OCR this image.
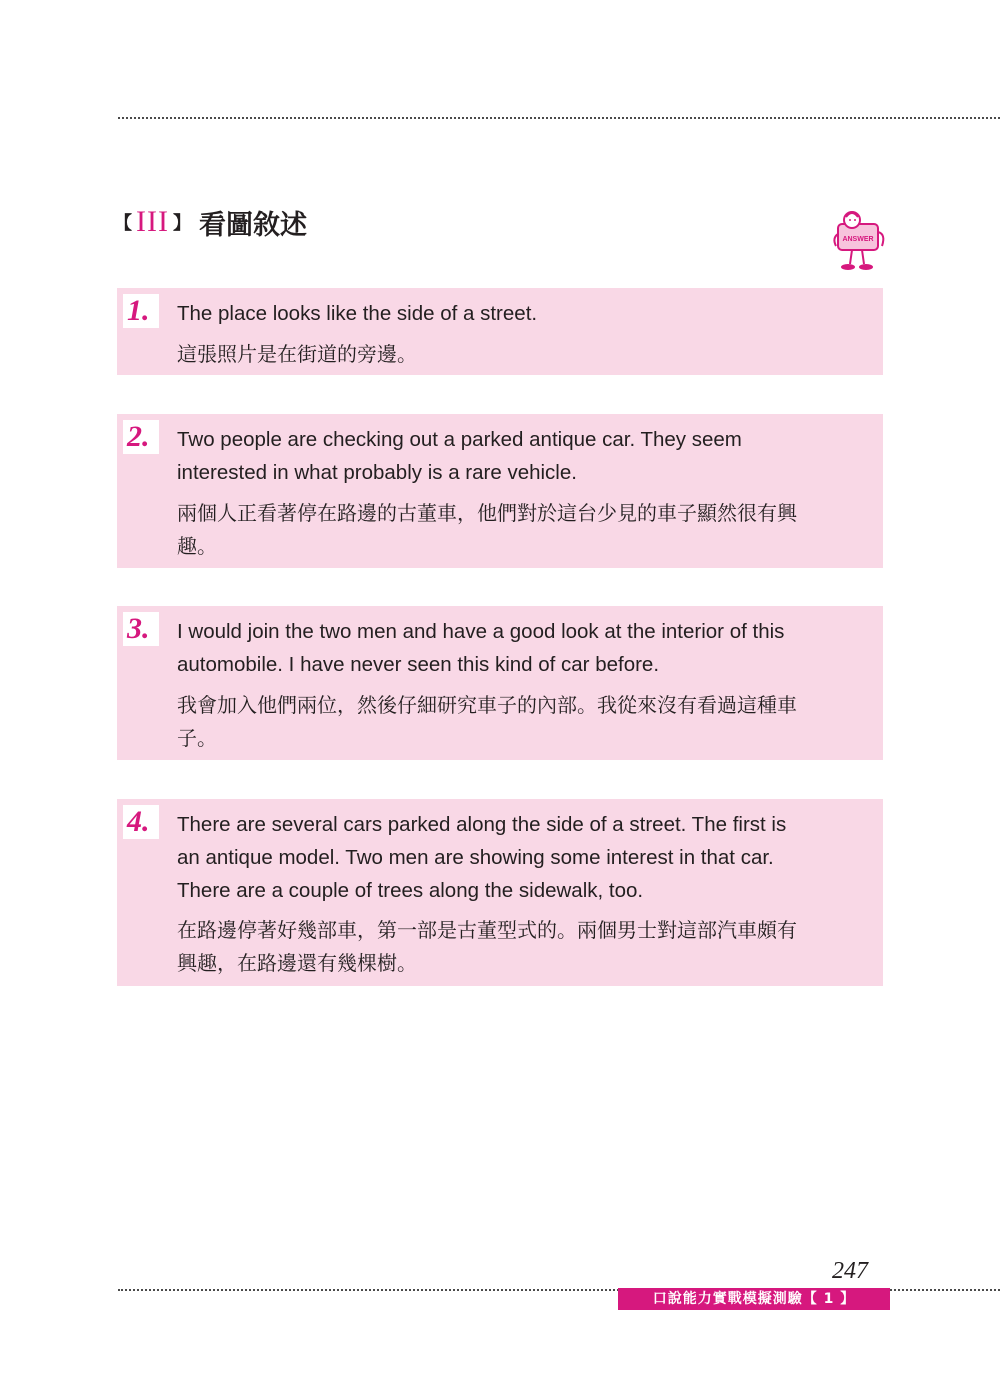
【 III 】 看圖敘述	ANSWER
1.	The place looks like the side of a street.
這張照片是在街道的旁邊。
2.	Two people are checking out a parked antique car. They seem
interested in what probably is a rare vehicle.
兩個人正看著停在路邊的古董車，他們對於這台少見的車子顯然很有興
趣。
3.	I would join the two men and have a good look at the interior of this
automobile. I have never seen this kind of car before.
我會加入他們兩位，然後仔細研究車子的內部。我從來沒有看過這種車
子。
4.	There are several cars parked along the side of a street. The first is
an antique model. Two men are showing some interest in that car.
There are a couple of trees along the sidewalk, too.
在路邊停著好幾部車，第一部是古董型式的。兩個男士對這部汽車頗有
興趣，在路邊還有幾棵樹。
247
口說能力實戰模擬測驗【 1 】
